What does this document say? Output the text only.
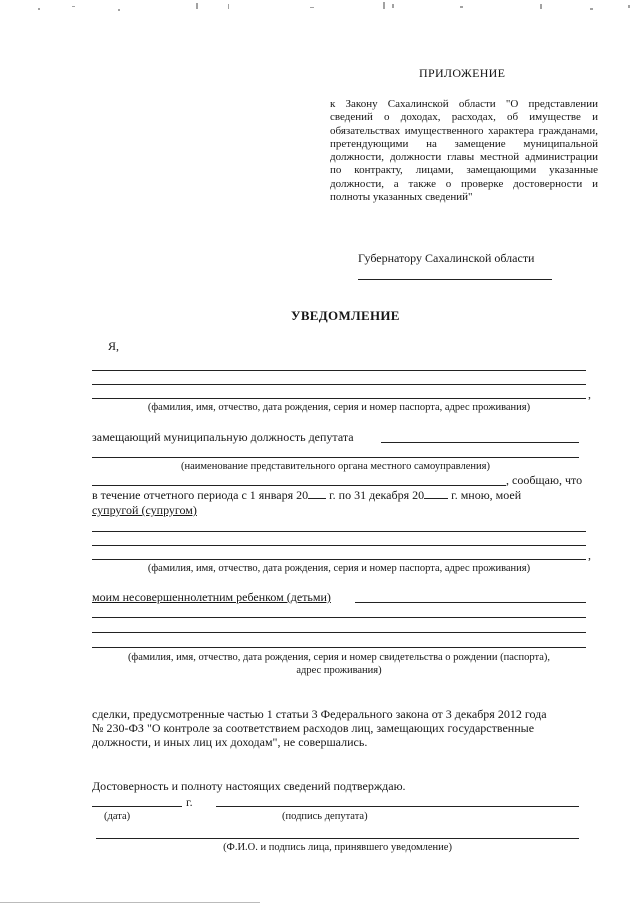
ПРИЛОЖЕНИЕ
к Закону Сахалинской области "О представлении сведений о доходах, расходах, об имуществе и обязательствах имущественного характера гражданами, претендующими на замещение муниципальной должности, должности главы местной администрации по контракту, лицами, замещающими указанные должности, а также о проверке достоверности и полноты указанных сведений"
Губернатору Сахалинской области
УВЕДОМЛЕНИЕ
Я,
,
(фамилия, имя, отчество, дата рождения, серия и номер паспорта, адрес проживания)
замещающий муниципальную должность депутата
(наименование представительного органа местного самоуправления)
, сообщаю, что
в течение отчетного периода с 1 января 20 г. по 31 декабря 20 г. мною, моей
супругой (супругом)
,
(фамилия, имя, отчество, дата рождения, серия и номер паспорта, адрес проживания)
моим несовершеннолетним ребенком (детьми)
(фамилия, имя, отчество, дата рождения, серия и номер свидетельства о рождении (паспорта),
адрес проживания)
сделки, предусмотренные частью 1 статьи 3 Федерального закона от 3 декабря 2012 года
№ 230-ФЗ "О контроле за соответствием расходов лиц, замещающих государственные
должности, и иных лиц их доходам", не совершались.
Достоверность и полноту настоящих сведений подтверждаю.
г.
(дата)	(подпись депутата)
(Ф.И.О. и подпись лица, принявшего уведомление)
